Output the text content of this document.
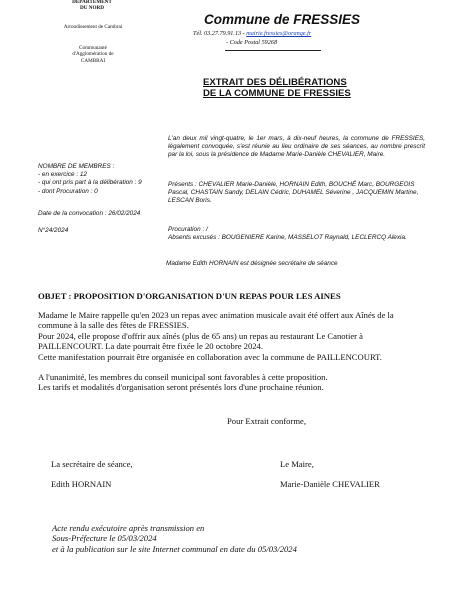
DÉPARTEMENT
DU NORD
Arrondissement de Cambrai
Communauté
d'Agglomération de
CAMBRAI
Commune de FRESSIES
Tél. 03.27.79.91.13 - mairie.fressies@orange.fr
- Code Postal 59268
EXTRAIT DES DÉLIBÉRATIONS
DE LA COMMUNE DE FRESSIES
L'an deux mil vingt-quatre, le 1er mars, à dix-neuf heures, la commune de FRESSIES, légalement convoquée, s'est réunie au lieu ordinaire de ses séances, au nombre prescrit par la loi, sous la présidence de Madame Marie-Danièle CHEVALIER, Maire.
NOMBRE DE MEMBRES :
- en exercice : 12
- qui ont pris part à la délibération : 9
- dont Procuration : 0
Présents : CHEVALIER Marie-Danièle, HORNAIN Edith, BOUCHÉ Marc, BOURGEOIS Pascal, CHASTAIN Sandy, DELAIN Cédric, DUHAMEL Séverine , JACQUEMIN Martine, LESCAN Boris.
Date de la convocation : 26/02/2024
N°24/2024	Procuration : /
Absents excusés : BOUGENIERE Karine, MASSELOT Raynald, LECLERCQ Alexia.
Madame Edith HORNAIN est désignée secrétaire de séance
OBJET : PROPOSITION D'ORGANISATION D'UN REPAS POUR LES AINES
Madame le Maire rappelle qu'en 2023 un repas avec animation musicale avait été offert aux Aînés de la commune à la salle des fêtes de FRESSIES.
Pour 2024, elle propose d'offrir aux aînés (plus de 65 ans) un repas au restaurant Le Canotier à PAILLENCOURT. La date pourrait être fixée le 20 octobre 2024.
Cette manifestation pourrait être organisée en collaboration avec la commune de PAILLENCOURT.
A l'unanimité, les membres du conseil municipal sont favorables à cette proposition.
Les tarifs et modalités d'organisation seront présentés lors d'une prochaine réunion.
Pour Extrait conforme,
La secrétaire de séance,	Le Maire,
Edith HORNAIN	Marie-Danièle CHEVALIER
Acte rendu exécutoire après transmission en
Sous-Préfecture le 05/03/2024
et à la publication sur le site Internet communal en date du 05/03/2024
